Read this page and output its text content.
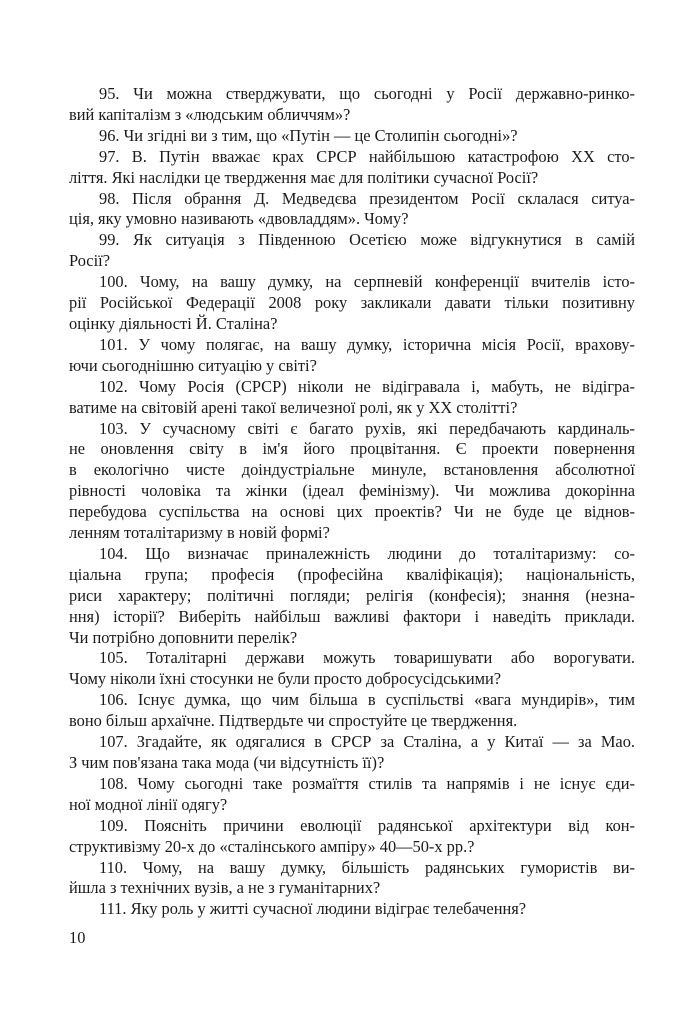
95. Чи можна стверджувати, що сьогодні у Росії державно-ринко-
вий капіталізм з «людським обличчям»?

96. Чи згідні ви з тим, що «Путін — це Столипін сьогодні»?

97. В. Путін вважає крах СРСР найбільшою катастрофою ХХ сто-
ліття. Які наслідки це твердження має для політики сучасної Росії?

98. Після обрання Д. Медведєва президентом Росії склалася ситуа-
ція, яку умовно називають «двовладдям». Чому?

99. Як ситуація з Південною Осетією може відгукнутися в самій
Росії?

100. Чому, на вашу думку, на серпневій конференції вчителів істо-
рії Російської Федерації 2008 року закликали давати тільки позитивну
оцінку діяльності Й. Сталіна?

101. У чому полягає, на вашу думку, історична місія Росії, врахову-
ючи сьогоднішню ситуацію у світі?

102. Чому Росія (СРСР) ніколи не відігравала і, мабуть, не відігра-
ватиме на світовій арені такої величезної ролі, як у ХХ столітті?

103. У сучасному світі є багато рухів, які передбачають кардиналь-
не оновлення світу в ім'я його процвітання. Є проекти повернення
в екологічно чисте доіндустріальне минуле, встановлення абсолютної
рівності чоловіка та жінки (ідеал фемінізму). Чи можлива докорінна
перебудова суспільства на основі цих проектів? Чи не буде це віднов-
ленням тоталітаризму в новій формі?

104. Що визначає приналежність людини до тоталітаризму: со-
ціальна група; професія (професійна кваліфікація); національність,
риси характеру; політичні погляди; релігія (конфесія); знання (незна-
ння) історії? Виберіть найбільш важливі фактори і наведіть приклади.
Чи потрібно доповнити перелік?

105. Тоталітарні держави можуть товаришувати або ворогувати.
Чому ніколи їхні стосунки не були просто добросусідськими?

106. Існує думка, що чим більша в суспільстві «вага мундирів», тим
воно більш архаїчне. Підтвердьте чи спростуйте це твердження.

107. Згадайте, як одягалися в СРСР за Сталіна, а у Китаї — за Мао.
З чим пов'язана така мода (чи відсутність її)?

108. Чому сьогодні таке розмаїття стилів та напрямів і не існує єди-
ної модної лінії одягу?

109. Поясніть причини еволюції радянської архітектури від кон-
структивізму 20-х до «сталінського ампіру» 40—50-х рр.?

110. Чому, на вашу думку, більшість радянських гумористів ви-
йшла з технічних вузів, а не з гуманітарних?

111. Яку роль у житті сучасної людини відіграє телебачення?

10
